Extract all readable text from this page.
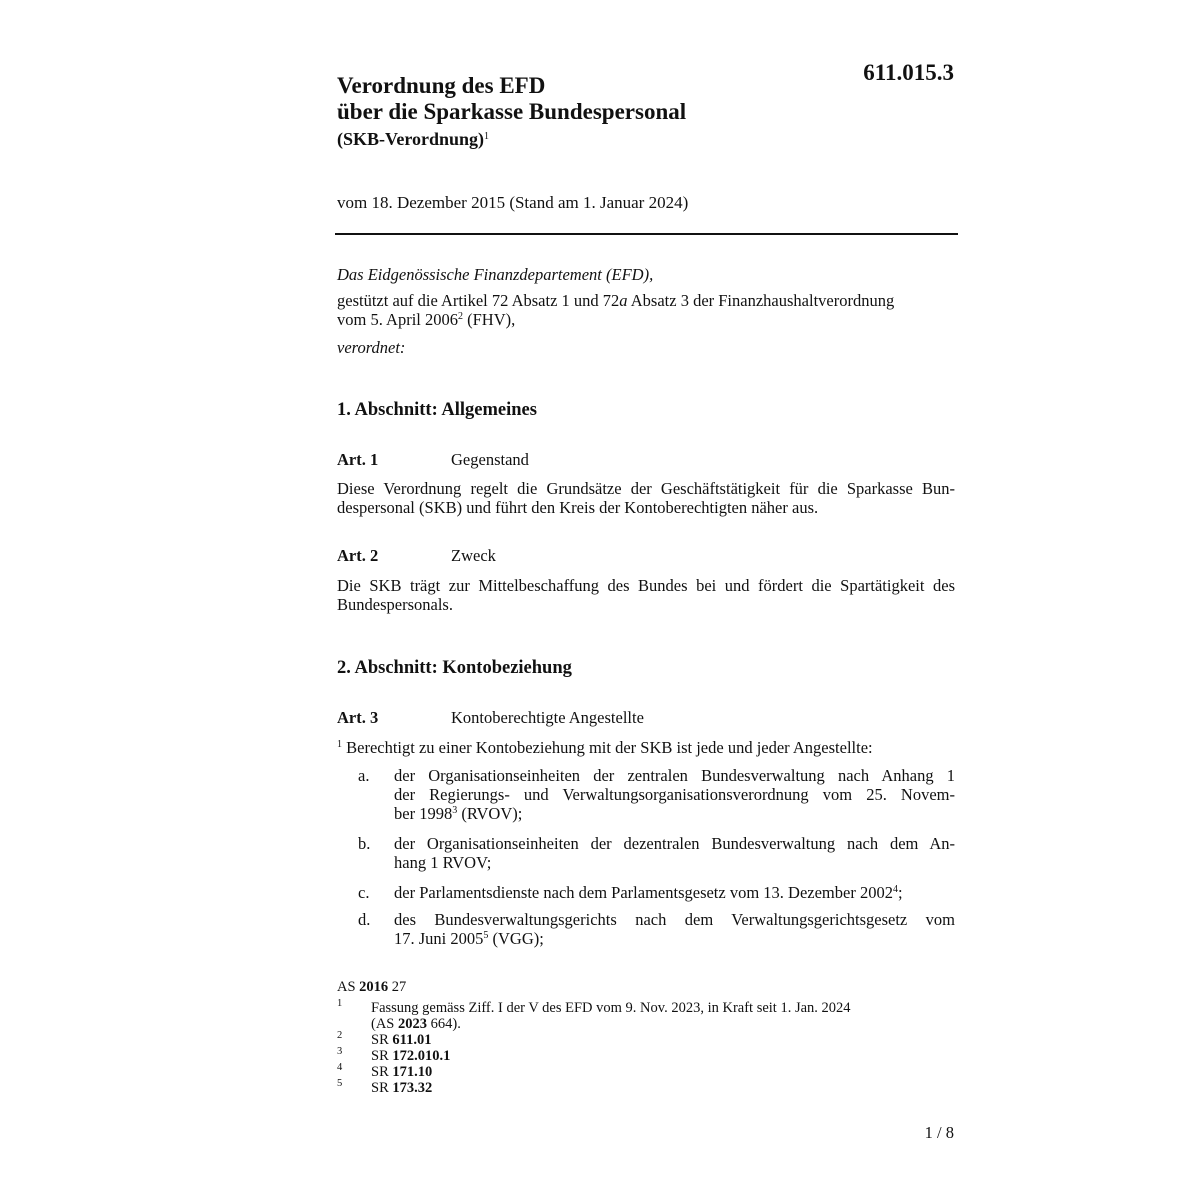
611.015.3
Verordnung des EFD
über die Sparkasse Bundespersonal
(SKB-Verordnung)$^1$
vom 18. Dezember 2015 (Stand am 1. Januar 2024)
Das Eidgenössische Finanzdepartement (EFD),
gestützt auf die Artikel 72 Absatz 1 und 72a Absatz 3 der Finanzhaushaltverordnung
vom 5. April 2006$^2$ (FHV),
verordnet:
1. Abschnitt: Allgemeines
Art. 1	Gegenstand
Diese Verordnung regelt die Grundsätze der Geschäftstätigkeit für die Sparkasse Bun-
despersonal (SKB) und führt den Kreis der Kontoberechtigten näher aus.
Art. 2	Zweck
Die SKB trägt zur Mittelbeschaffung des Bundes bei und fördert die Spartätigkeit des
Bundespersonals.
2. Abschnitt: Kontobeziehung
Art. 3	Kontoberechtigte Angestellte
$^1$ Berechtigt zu einer Kontobeziehung mit der SKB ist jede und jeder Angestellte:
a. der Organisationseinheiten der zentralen Bundesverwaltung nach Anhang 1
der Regierungs- und Verwaltungsorganisationsverordnung vom 25. Novem-
ber 1998$^3$ (RVOV);
b. der Organisationseinheiten der dezentralen Bundesverwaltung nach dem An-
hang 1 RVOV;
c. der Parlamentsdienste nach dem Parlamentsgesetz vom 13. Dezember 2002$^4$;
d. des Bundesverwaltungsgerichts nach dem Verwaltungsgerichtsgesetz vom
17. Juni 2005$^5$ (VGG);
AS 2016 27
1 Fassung gemäss Ziff. I der V des EFD vom 9. Nov. 2023, in Kraft seit 1. Jan. 2024
(AS 2023 664).
2 SR 611.01
3 SR 172.010.1
4 SR 171.10
5 SR 173.32
1 / 8
